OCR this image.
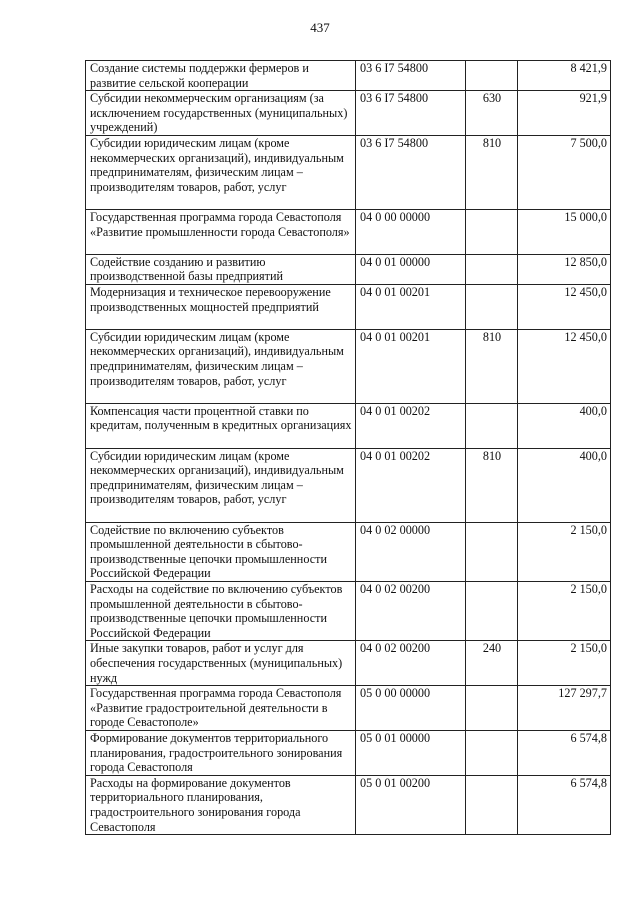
437
Создание системы поддержки фермеров и развитие сельской кооперации	03 6 I7 54800		8 421,9
Субсидии некоммерческим организациям (за исключением государственных (муниципальных) учреждений)	03 6 I7 54800	630	921,9
Субсидии юридическим лицам (кроме некоммерческих организаций), индивидуальным предпринимателям, физическим лицам – производителям товаров, работ, услуг	03 6 I7 54800	810	7 500,0
Государственная программа города Севастополя «Развитие промышленности города Севастополя»	04 0 00 00000		15 000,0
Содействие созданию и развитию производственной базы предприятий	04 0 01 00000		12 850,0
Модернизация и техническое перевооружение производственных мощностей предприятий	04 0 01 00201		12 450,0
Субсидии юридическим лицам (кроме некоммерческих организаций), индивидуальным предпринимателям, физическим лицам – производителям товаров, работ, услуг	04 0 01 00201	810	12 450,0
Компенсация части процентной ставки по кредитам, полученным в кредитных организациях	04 0 01 00202		400,0
Субсидии юридическим лицам (кроме некоммерческих организаций), индивидуальным предпринимателям, физическим лицам – производителям товаров, работ, услуг	04 0 01 00202	810	400,0
Содействие по включению субъектов промышленной деятельности в сбытово-производственные цепочки промышленности Российской Федерации	04 0 02 00000		2 150,0
Расходы на содействие по включению субъектов промышленной деятельности в сбытово-производственные цепочки промышленности Российской Федерации	04 0 02 00200		2 150,0
Иные закупки товаров, работ и услуг для обеспечения государственных (муниципальных) нужд	04 0 02 00200	240	2 150,0
Государственная программа города Севастополя «Развитие градостроительной деятельности в городе Севастополе»	05 0 00 00000		127 297,7
Формирование документов территориального планирования, градостроительного зонирования города Севастополя	05 0 01 00000		6 574,8
Расходы на формирование документов территориального планирования, градостроительного зонирования города Севастополя	05 0 01 00200		6 574,8
